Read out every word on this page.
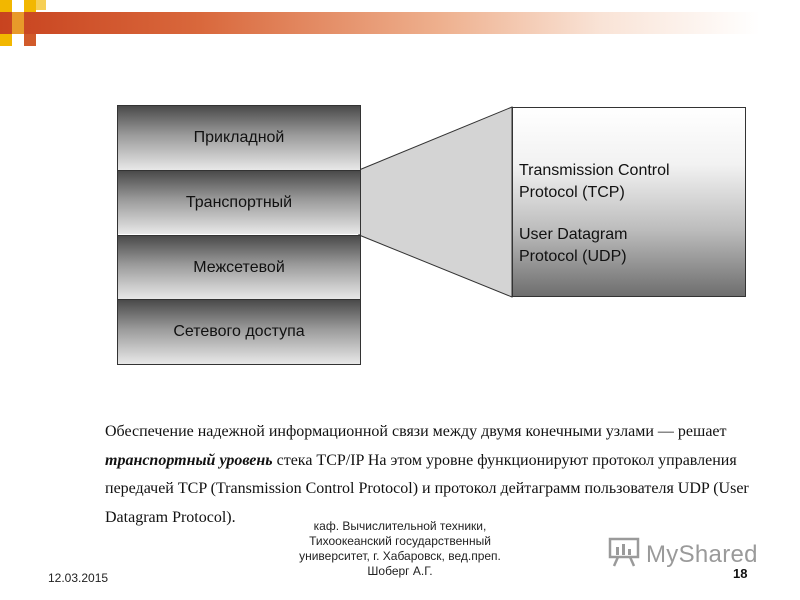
Прикладной
Транспортный
Межсетевой
Сетевого доступа

Transmission Control
Protocol (TCP)

User Datagram
Protocol (UDP)

Обеспечение надежной информационной связи между двумя конечными узлами — решает транспортный уровень стека TCP/IP На этом уровне функционируют протокол управления передачей TCP (Transmission Control Protocol) и протокол дейтаграмм пользователя UDP (User Datagram Protocol).
каф. Вычислительной техники,
Тихоокеанский государственный
университет, г. Хабаровск, вед.преп.
Шоберг А.Г.
12.03.2015	18
MyShared
